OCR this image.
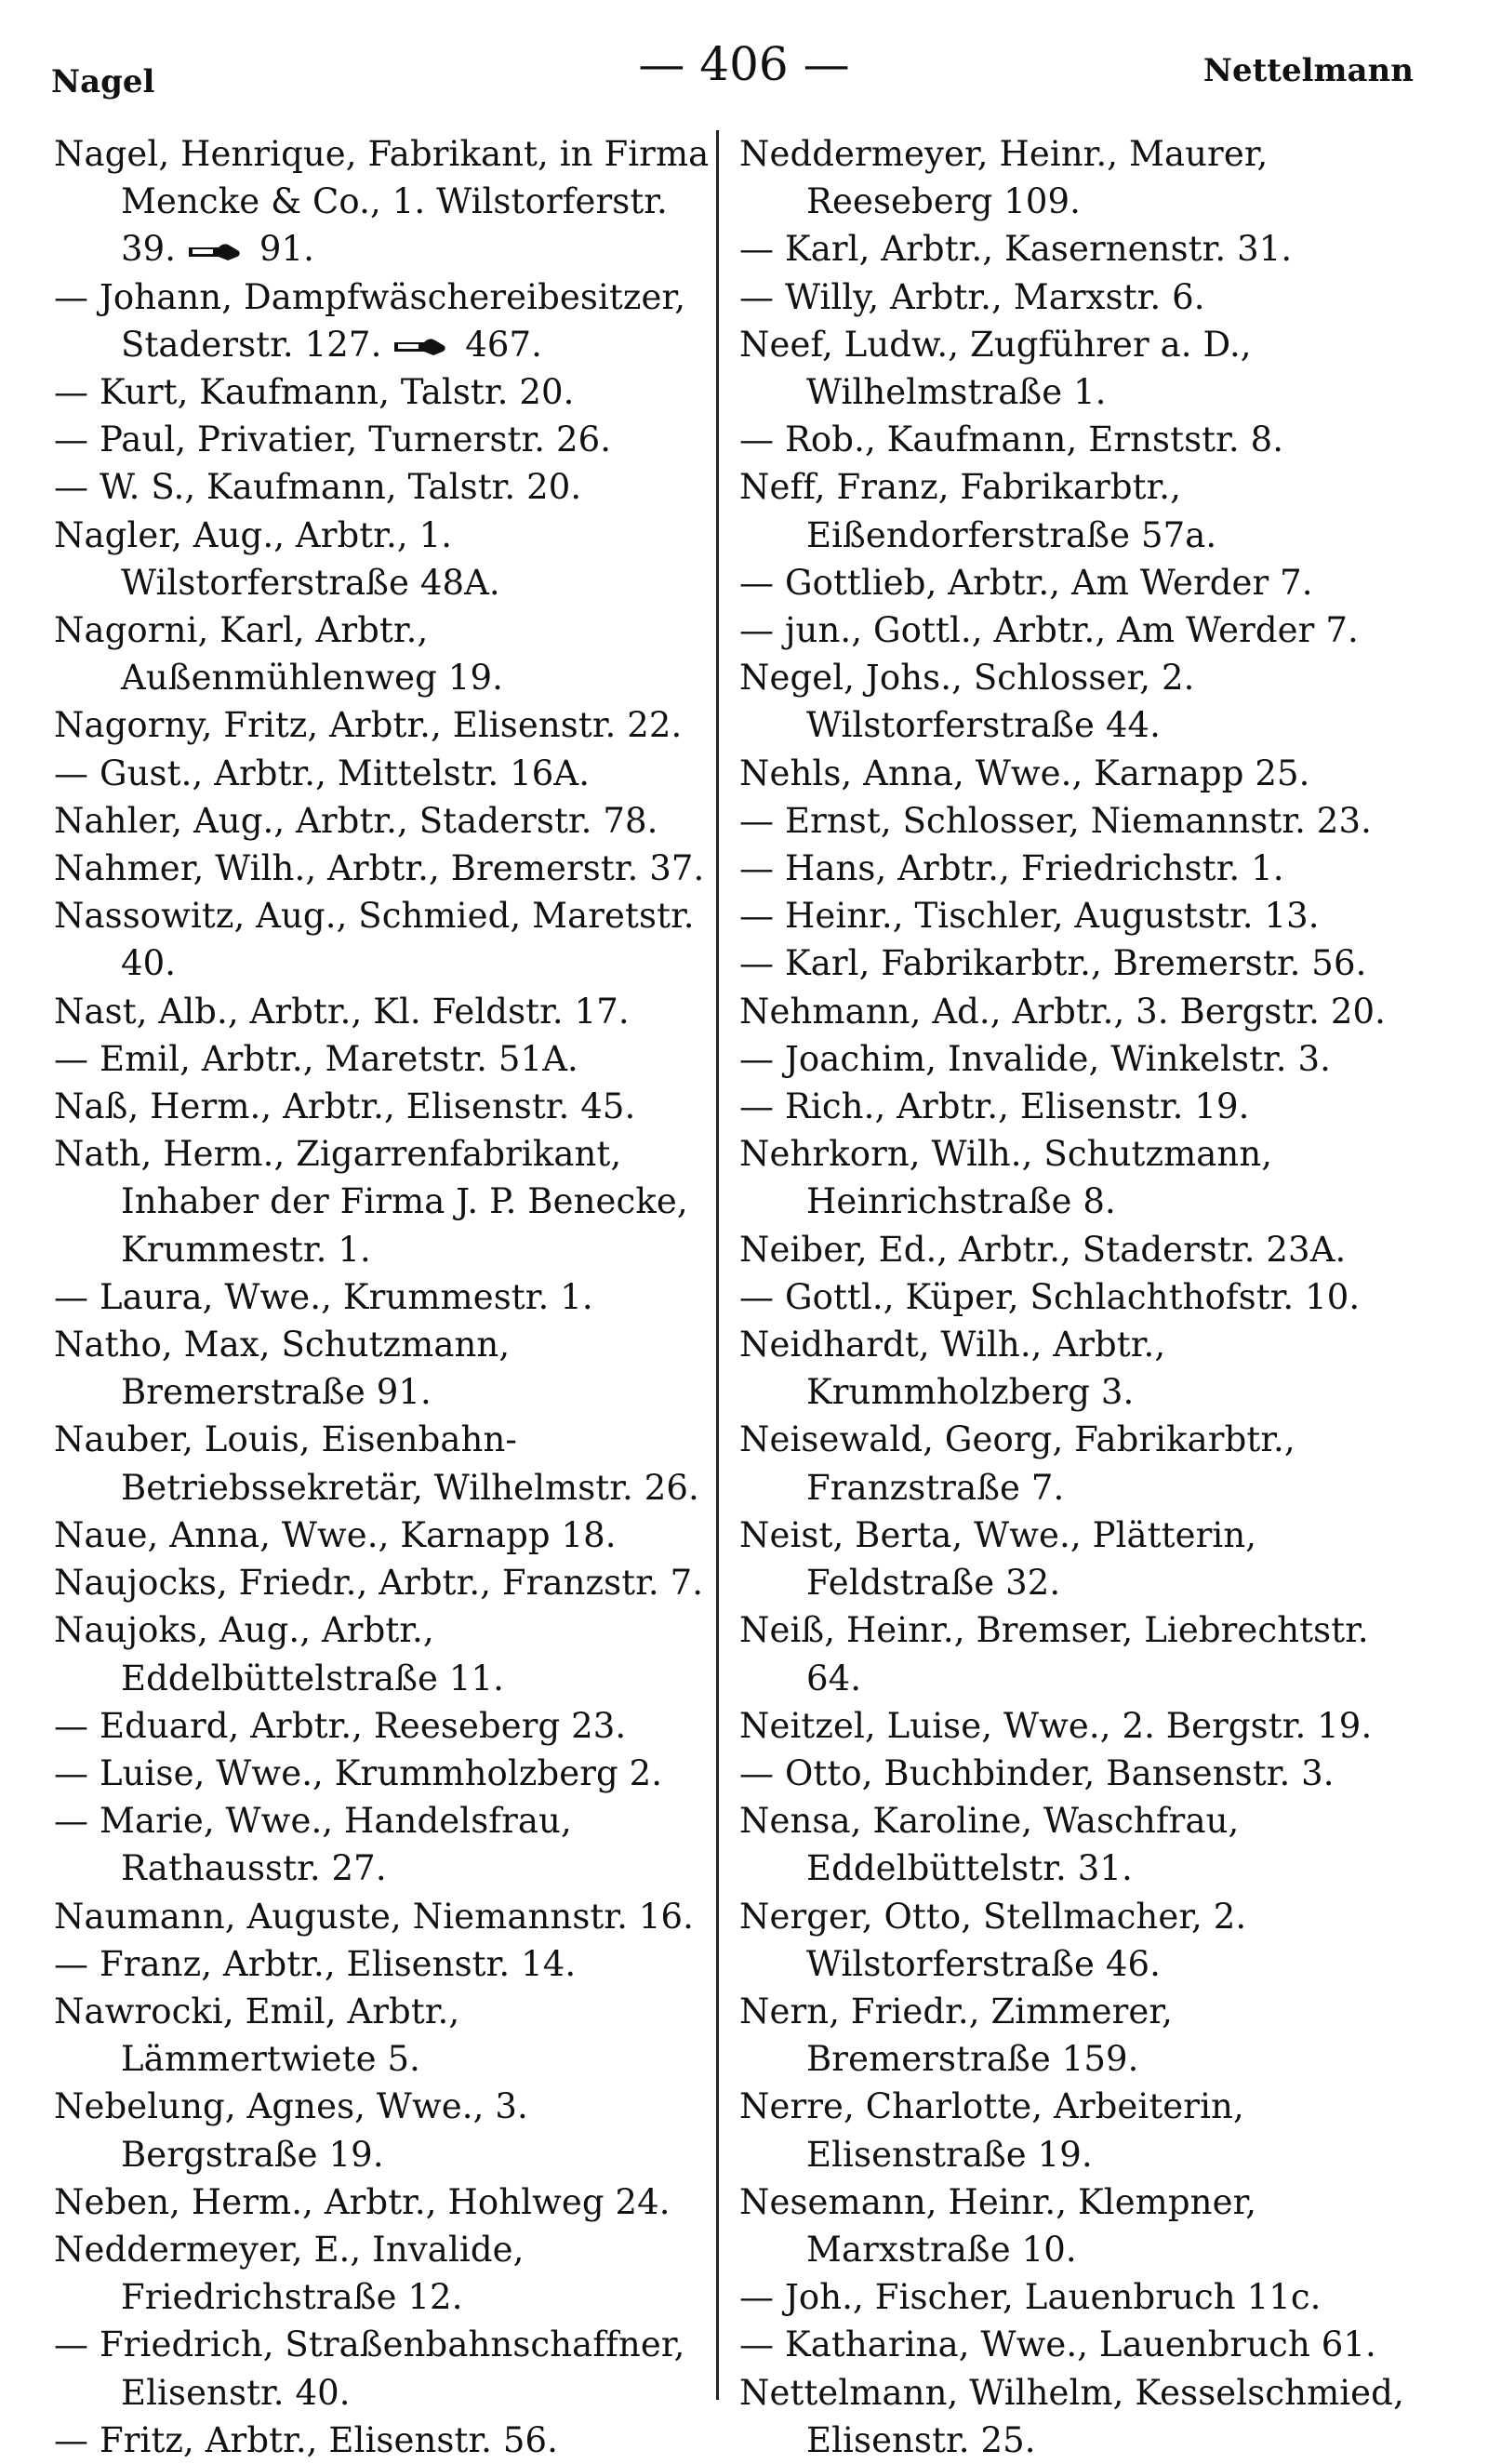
Nagel	— 406 —	Nettelmann
Nagel, Henrique, Fabrikant, in Firma Mencke & Co., 1. Wilstorferstr. 39. 91.
— Johann, Dampfwäschereibesitzer, Staderstr. 127. 467.
— Kurt, Kaufmann, Talstr. 20.
— Paul, Privatier, Turnerstr. 26.
— W. S., Kaufmann, Talstr. 20.
Nagler, Aug., Arbtr., 1. Wilstorferstraße 48A.
Nagorni, Karl, Arbtr., Außenmühlenweg 19.
Nagorny, Fritz, Arbtr., Elisenstr. 22.
— Gust., Arbtr., Mittelstr. 16A.
Nahler, Aug., Arbtr., Staderstr. 78.
Nahmer, Wilh., Arbtr., Bremerstr. 37.
Nassowitz, Aug., Schmied, Maretstr. 40.
Nast, Alb., Arbtr., Kl. Feldstr. 17.
— Emil, Arbtr., Maretstr. 51A.
Naß, Herm., Arbtr., Elisenstr. 45.
Nath, Herm., Zigarrenfabrikant, Inhaber der Firma J. P. Benecke, Krummestr. 1.
— Laura, Wwe., Krummestr. 1.
Natho, Max, Schutzmann, Bremerstraße 91.
Nauber, Louis, Eisenbahn-Betriebssekretär, Wilhelmstr. 26.
Naue, Anna, Wwe., Karnapp 18.
Naujocks, Friedr., Arbtr., Franzstr. 7.
Naujoks, Aug., Arbtr., Eddelbüttelstraße 11.
— Eduard, Arbtr., Reeseberg 23.
— Luise, Wwe., Krummholzberg 2.
— Marie, Wwe., Handelsfrau, Rathausstr. 27.
Naumann, Auguste, Niemannstr. 16.
— Franz, Arbtr., Elisenstr. 14.
Nawrocki, Emil, Arbtr., Lämmertwiete 5.
Nebelung, Agnes, Wwe., 3. Bergstraße 19.
Neben, Herm., Arbtr., Hohlweg 24.
Neddermeyer, E., Invalide, Friedrichstraße 12.
— Friedrich, Straßenbahnschaffner, Elisenstr. 40.
— Fritz, Arbtr., Elisenstr. 56.
Neddermeyer, Heinr., Maurer, Reeseberg 109.
— Karl, Arbtr., Kasernenstr. 31.
— Willy, Arbtr., Marxstr. 6.
Neef, Ludw., Zugführer a. D., Wilhelmstraße 1.
— Rob., Kaufmann, Ernststr. 8.
Neff, Franz, Fabrikarbtr., Eißendorferstraße 57a.
— Gottlieb, Arbtr., Am Werder 7.
— jun., Gottl., Arbtr., Am Werder 7.
Negel, Johs., Schlosser, 2. Wilstorferstraße 44.
Nehls, Anna, Wwe., Karnapp 25.
— Ernst, Schlosser, Niemannstr. 23.
— Hans, Arbtr., Friedrichstr. 1.
— Heinr., Tischler, Auguststr. 13.
— Karl, Fabrikarbtr., Bremerstr. 56.
Nehmann, Ad., Arbtr., 3. Bergstr. 20.
— Joachim, Invalide, Winkelstr. 3.
— Rich., Arbtr., Elisenstr. 19.
Nehrkorn, Wilh., Schutzmann, Heinrichstraße 8.
Neiber, Ed., Arbtr., Staderstr. 23A.
— Gottl., Küper, Schlachthofstr. 10.
Neidhardt, Wilh., Arbtr., Krummholzberg 3.
Neisewald, Georg, Fabrikarbtr., Franzstraße 7.
Neist, Berta, Wwe., Plätterin, Feldstraße 32.
Neiß, Heinr., Bremser, Liebrechtstr. 64.
Neitzel, Luise, Wwe., 2. Bergstr. 19.
— Otto, Buchbinder, Bansenstr. 3.
Nensa, Karoline, Waschfrau, Eddelbüttelstr. 31.
Nerger, Otto, Stellmacher, 2. Wilstorferstraße 46.
Nern, Friedr., Zimmerer, Bremerstraße 159.
Nerre, Charlotte, Arbeiterin, Elisenstraße 19.
Nesemann, Heinr., Klempner, Marxstraße 10.
— Joh., Fischer, Lauenbruch 11c.
— Katharina, Wwe., Lauenbruch 61.
Nettelmann, Wilhelm, Kesselschmied, Elisenstr. 25.
